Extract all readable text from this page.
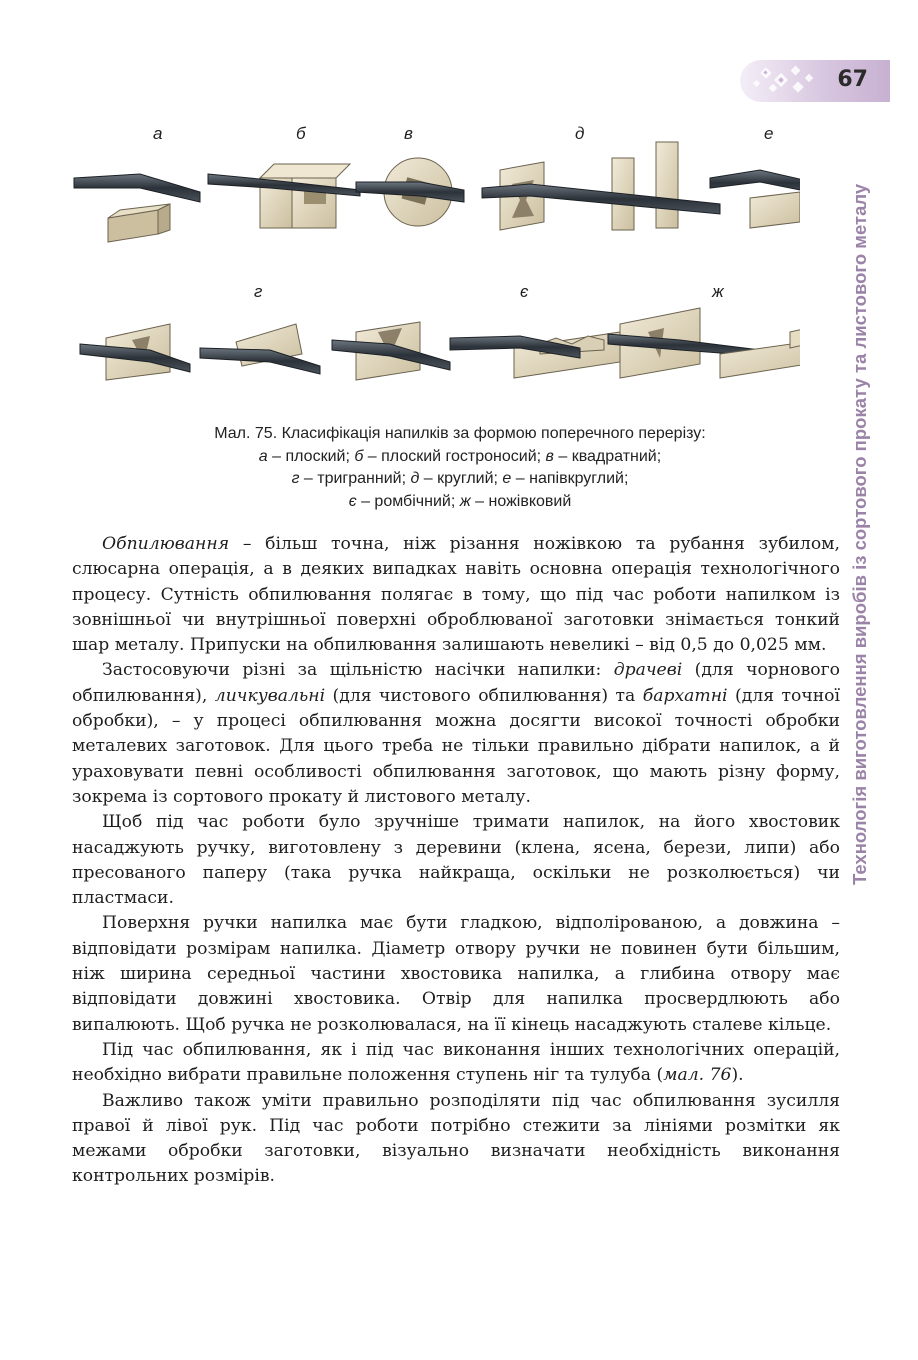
67
Технологія виготовлення виробів із сортового прокату та листового металу
а	б	в	д	е
г	є	ж
Мал. 75. Класифікація напилків за формою поперечного перерізу:
а – плоский; б – плоский гостроносий; в – квадратний;
г – тригранний; д – круглий; е – напівкруглий;
є – ромбічний; ж – ножівковий

Обпилювання – більш точна, ніж різання ножівкою та рубання зубилом, слюсарна операція, а в деяких випадках навіть основна операція технологічного процесу. Сутність обпилювання полягає в тому, що під час роботи напилком із зовнішньої чи внутрішньої поверхні оброблюваної заготовки знімається тонкий шар металу. Припуски на обпилювання залишають невеликі – від 0,5 до 0,025 мм.

Застосовуючи різні за щільністю насічки напилки: драчеві (для чорнового обпилювання), личкувальні (для чистового обпилювання) та бархатні (для точної обробки), – у процесі обпилювання можна досягти високої точності обробки металевих заготовок. Для цього треба не тільки правильно дібрати напилок, а й ураховувати певні особливості обпилювання заготовок, що мають різну форму, зокрема із сортового прокату й листового металу.

Щоб під час роботи було зручніше тримати напилок, на його хвостовик насаджують ручку, виготовлену з деревини (клена, ясена, берези, липи) або пресованого паперу (така ручка найкраща, оскільки не розколюється) чи пластмаси.

Поверхня ручки напилка має бути гладкою, відполірованою, а довжина – відповідати розмірам напилка. Діаметр отвору ручки не повинен бути більшим, ніж ширина середньої частини хвостовика напилка, а глибина отвору має відповідати довжині хвостовика. Отвір для напилка просвердлюють або випалюють. Щоб ручка не розколювалася, на її кінець насаджують сталеве кільце.

Під час обпилювання, як і під час виконання інших технологічних операцій, необхідно вибрати правильне положення ступень ніг та тулуба (мал. 76).

Важливо також уміти правильно розподіляти під час обпилювання зусилля правої й лівої рук. Під час роботи потрібно стежити за лініями розмітки як межами обробки заготовки, візуально визначати необхідність виконання контрольних розмірів.
